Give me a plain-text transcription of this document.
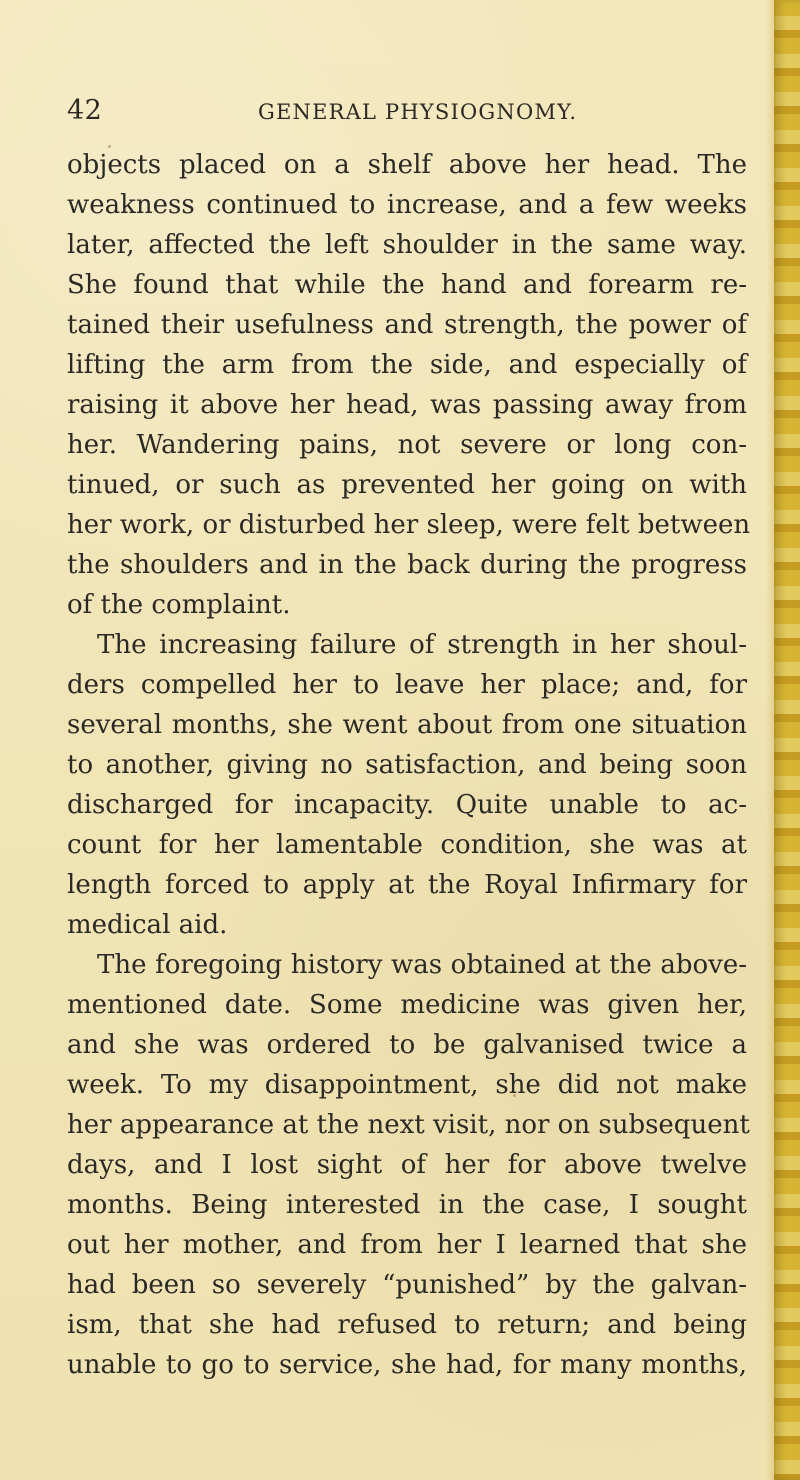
42	GENERAL PHYSIOGNOMY.
objects placed on a shelf above her head. The
weakness continued to increase, and a few weeks
later, affected the left shoulder in the same way.
She found that while the hand and forearm re-
tained their usefulness and strength, the power of
lifting the arm from the side, and especially of
raising it above her head, was passing away from
her. Wandering pains, not severe or long con-
tinued, or such as prevented her going on with
her work, or disturbed her sleep, were felt between
the shoulders and in the back during the progress
of the complaint.
The increasing failure of strength in her shoul-
ders compelled her to leave her place; and, for
several months, she went about from one situation
to another, giving no satisfaction, and being soon
discharged for incapacity. Quite unable to ac-
count for her lamentable condition, she was at
length forced to apply at the Royal Infirmary for
medical aid.
The foregoing history was obtained at the above-
mentioned date. Some medicine was given her,
and she was ordered to be galvanised twice a
week. To my disappointment, she did not make
her appearance at the next visit, nor on subsequent
days, and I lost sight of her for above twelve
months. Being interested in the case, I sought
out her mother, and from her I learned that she
had been so severely “punished” by the galvan-
ism, that she had refused to return; and being
unable to go to service, she had, for many months,
